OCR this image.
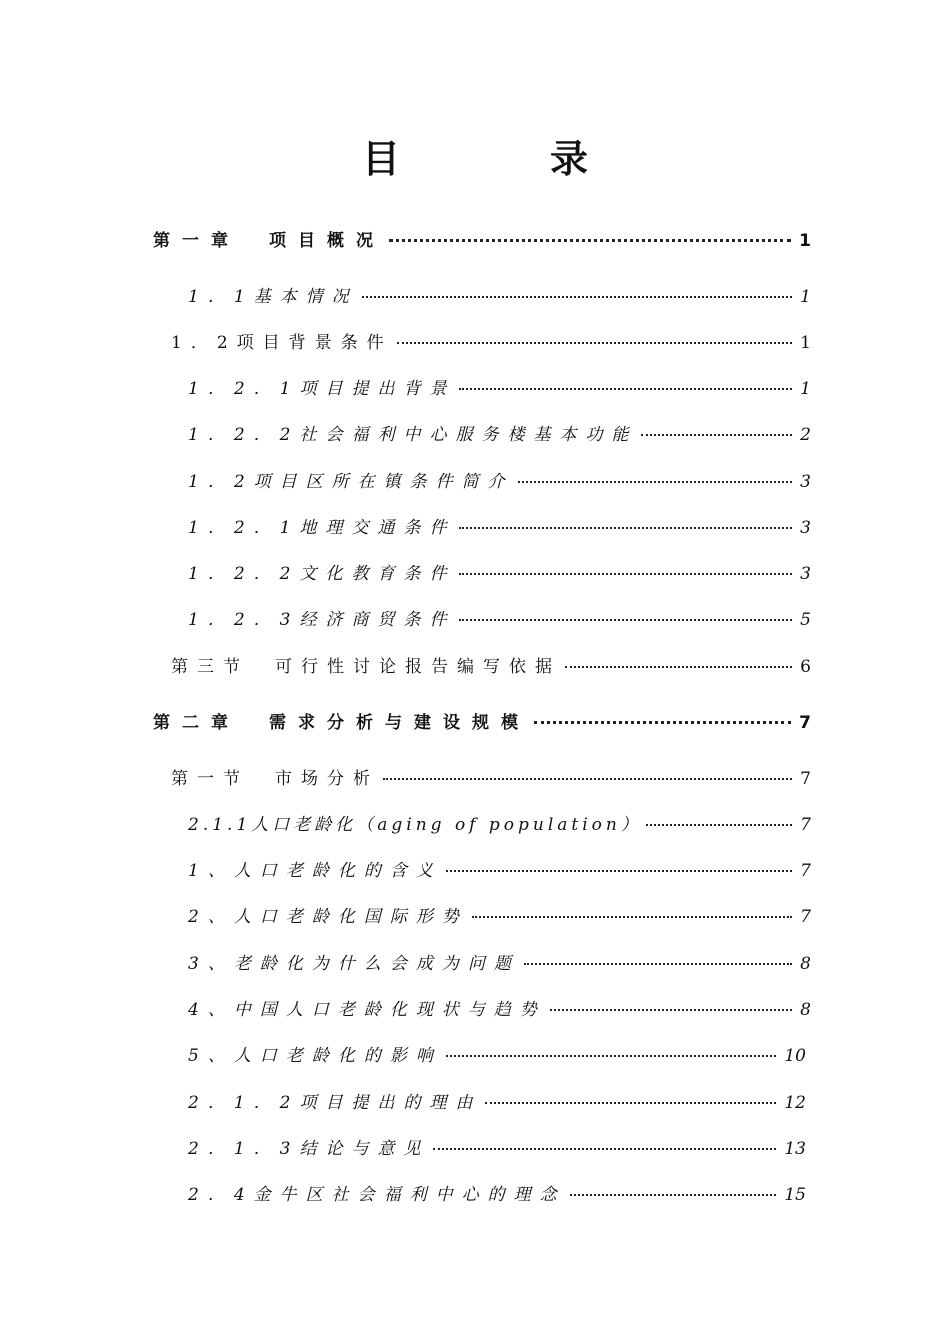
目	录
第一章　项目概况	1
1．1基本情况	1
1．2项目背景条件	1
1．2．1项目提出背景	1
1．2．2社会福利中心服务楼基本功能	2
1．2项目区所在镇条件简介	3
1．2．1地理交通条件	3
1．2．2文化教育条件	3
1．2．3经济商贸条件	5
第三节　可行性讨论报告编写依据	6
第二章　需求分析与建设规模	7
第一节　市场分析	7
2.1.1人口老龄化（aging of population）	7
1、人口老龄化的含义	7
2、人口老龄化国际形势	7
3、老龄化为什么会成为问题	8
4、中国人口老龄化现状与趋势	8
5、人口老龄化的影响	10
2．1．2项目提出的理由	12
2．1．3结论与意见	13
2．4金牛区社会福利中心的理念	15
